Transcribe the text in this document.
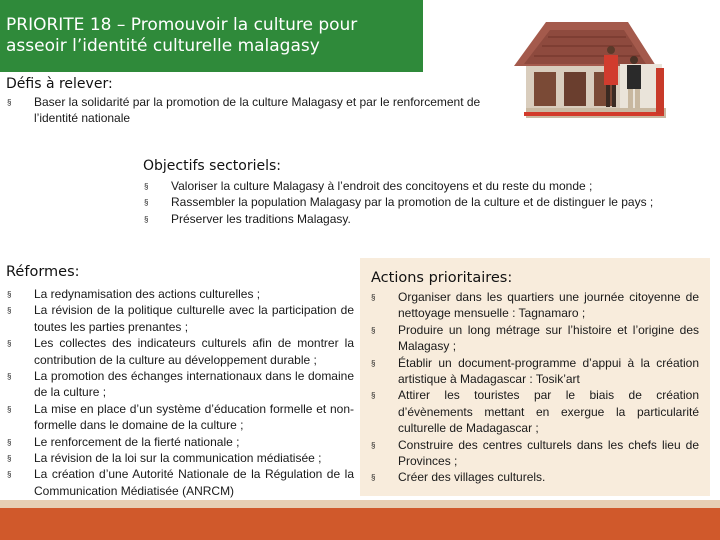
PRIORITE 18 – Promouvoir la culture pour
asseoir l’identité culturelle malagasy
Défis à relever:
§ Baser la solidarité par la promotion de la culture Malagasy et par le renforcement de l’identité nationale
Objectifs sectoriels:
§ Valoriser la culture Malagasy à l’endroit des concitoyens et du reste du monde ;
§ Rassembler la population Malagasy par la promotion de la culture et de distinguer le pays ;
§ Préserver les traditions Malagasy.
Réformes:
§ La redynamisation des actions culturelles ;
§ La révision de la politique culturelle avec la participation de toutes les parties prenantes ;
§ Les collectes des indicateurs culturels afin de montrer la contribution de la culture au développement durable ;
§ La promotion des échanges internationaux dans le domaine de la culture ;
§ La mise en place d’un système d’éducation formelle et non-formelle dans le domaine de la culture ;
§ Le renforcement de la fierté nationale ;
§ La révision de la loi sur la communication médiatisée ;
§ La création d’une Autorité Nationale de la Régulation de la Communication Médiatisée (ANRCM)
Actions prioritaires:
§ Organiser dans les quartiers une journée citoyenne de nettoyage mensuelle : Tagnamaro ;
§ Produire un long métrage sur l’histoire et l’origine des Malagasy ;
§ Établir un document-programme d’appui à la création artistique à Madagascar : Tosik’art
§ Attirer les touristes par le biais de création d’évènements mettant en exergue la particularité culturelle de Madagascar ;
§ Construire des centres culturels dans les chefs lieu de Provinces ;
§ Créer des villages culturels.
